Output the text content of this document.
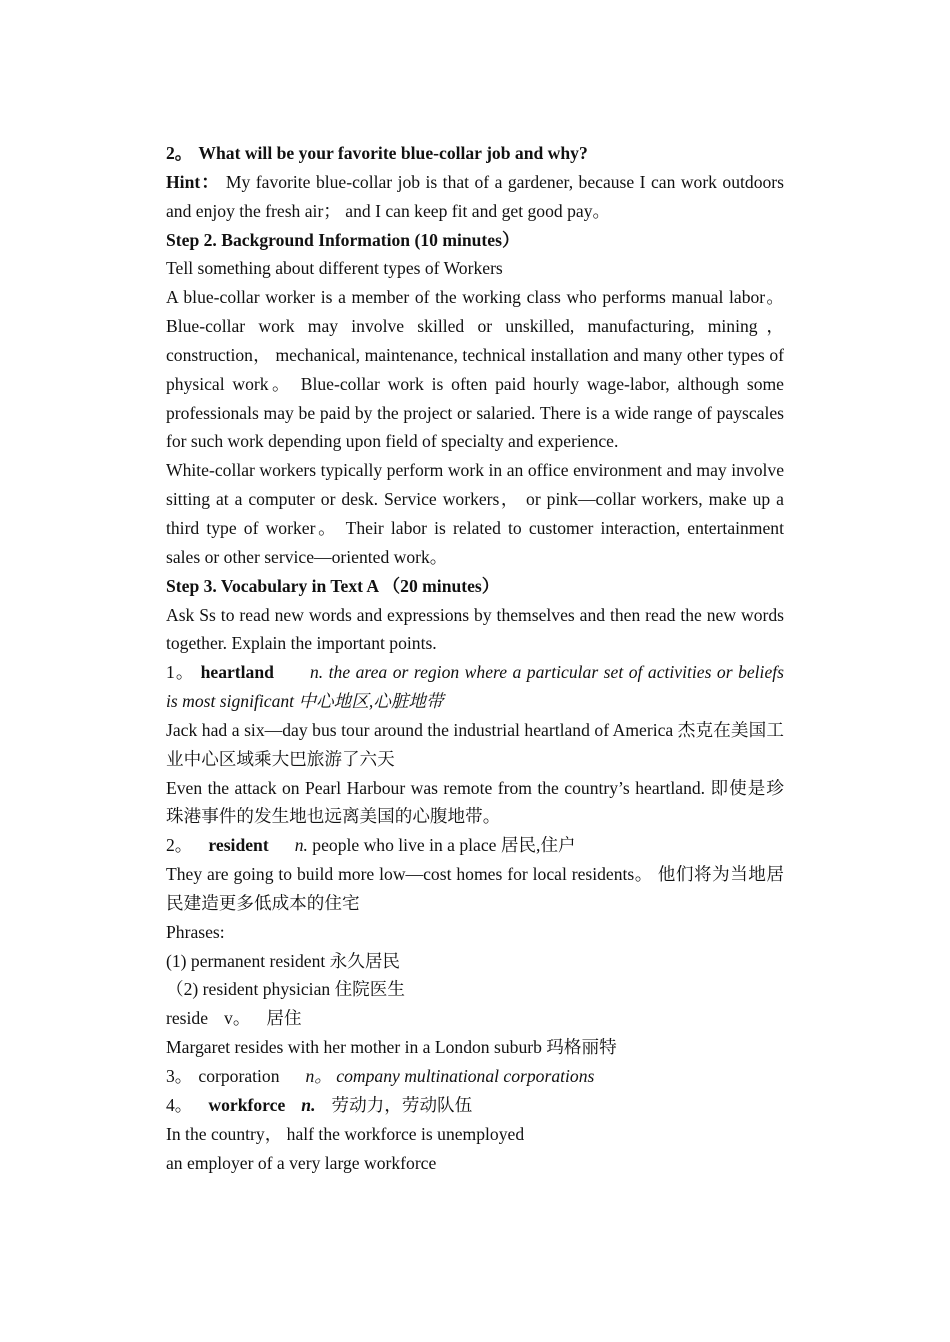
2。 What will be your favorite blue-collar job and why?

Hint： My favorite blue-collar job is that of a gardener, because I can work outdoors and enjoy the fresh air； and I can keep fit and get good pay。

Step 2. Background Information (10 minutes）

Tell something about different types of Workers

A blue-collar worker is a member of the working class who performs manual labor。 Blue-collar work may involve skilled or unskilled, manufacturing, mining， construction， mechanical, maintenance, technical installation and many other types of physical work。 Blue-collar work is often paid hourly wage-labor, although some professionals may be paid by the project or salaried. There is a wide range of payscales for such work depending upon field of specialty and experience.

White-collar workers typically perform work in an office environment and may involve sitting at a computer or desk. Service workers， or pink—collar workers, make up a third type of worker。 Their labor is related to customer interaction, entertainment sales or other service—oriented work。

Step 3. Vocabulary in Text A （20 minutes）

Ask Ss to read new words and expressions by themselves and then read the new words together. Explain the important points.

1。 heartland n. the area or region where a particular set of activities or beliefs is most significant 中心地区,心脏地带

Jack had a six—day bus tour around the industrial heartland of America 杰克在美国工业中心区域乘大巴旅游了六天

Even the attack on Pearl Harbour was remote from the country’s heartland. 即使是珍珠港事件的发生地也远离美国的心腹地带。

2。 resident n. people who live in a place 居民,住户

They are going to build more low—cost homes for local residents。 他们将为当地居民建造更多低成本的住宅

Phrases:

(1) permanent resident 永久居民

（2) resident physician 住院医生

reside v。 居住

Margaret resides with her mother in a London suburb 玛格丽特

3。 corporation n。 company multinational corporations

4。 workforce n. 劳动力，劳动队伍

In the country， half the workforce is unemployed

an employer of a very large workforce
